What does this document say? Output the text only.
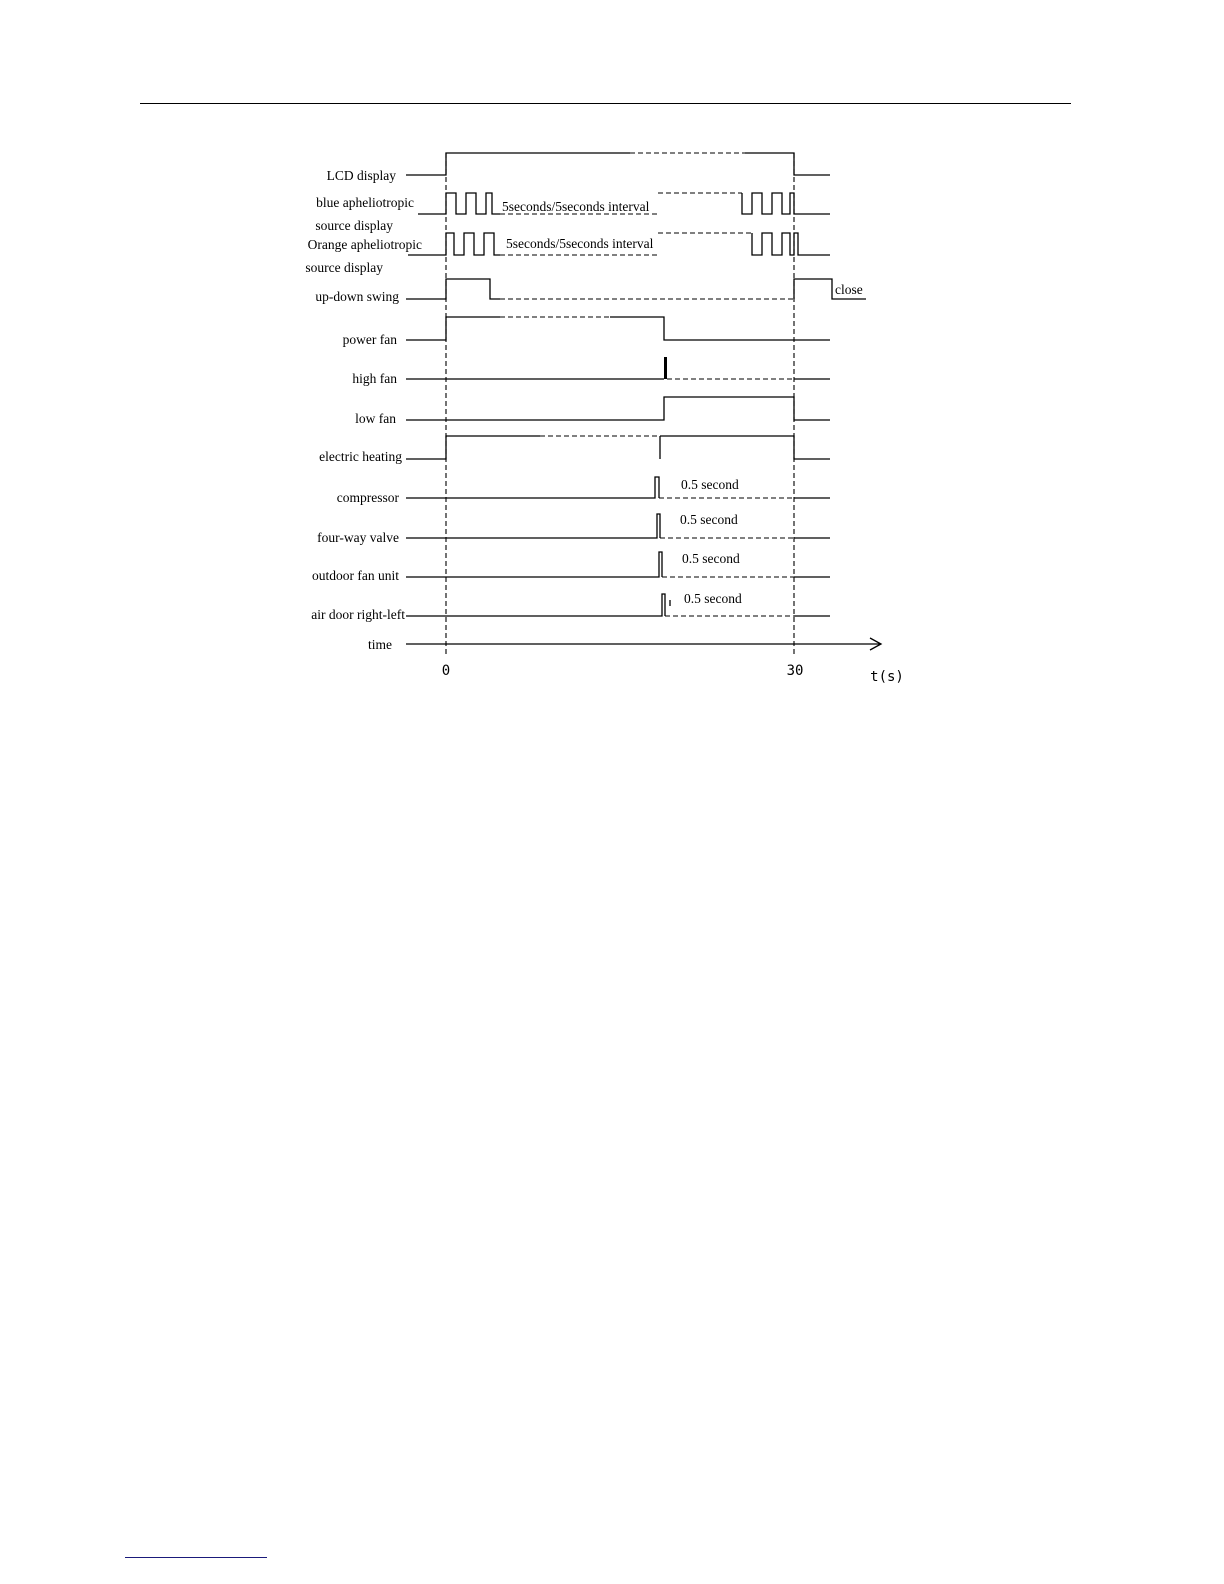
LCD display
blue apheliotropic
source display
Orange apheliotropic
source display
up-down swing
power fan
high fan
low fan
electric heating
compressor
four-way valve
outdoor fan unit
air door right-left
time
0	30	t(s)
5seconds/5seconds interval
5seconds/5seconds interval
close
0.5 second
0.5 second
0.5 second
0.5 second
